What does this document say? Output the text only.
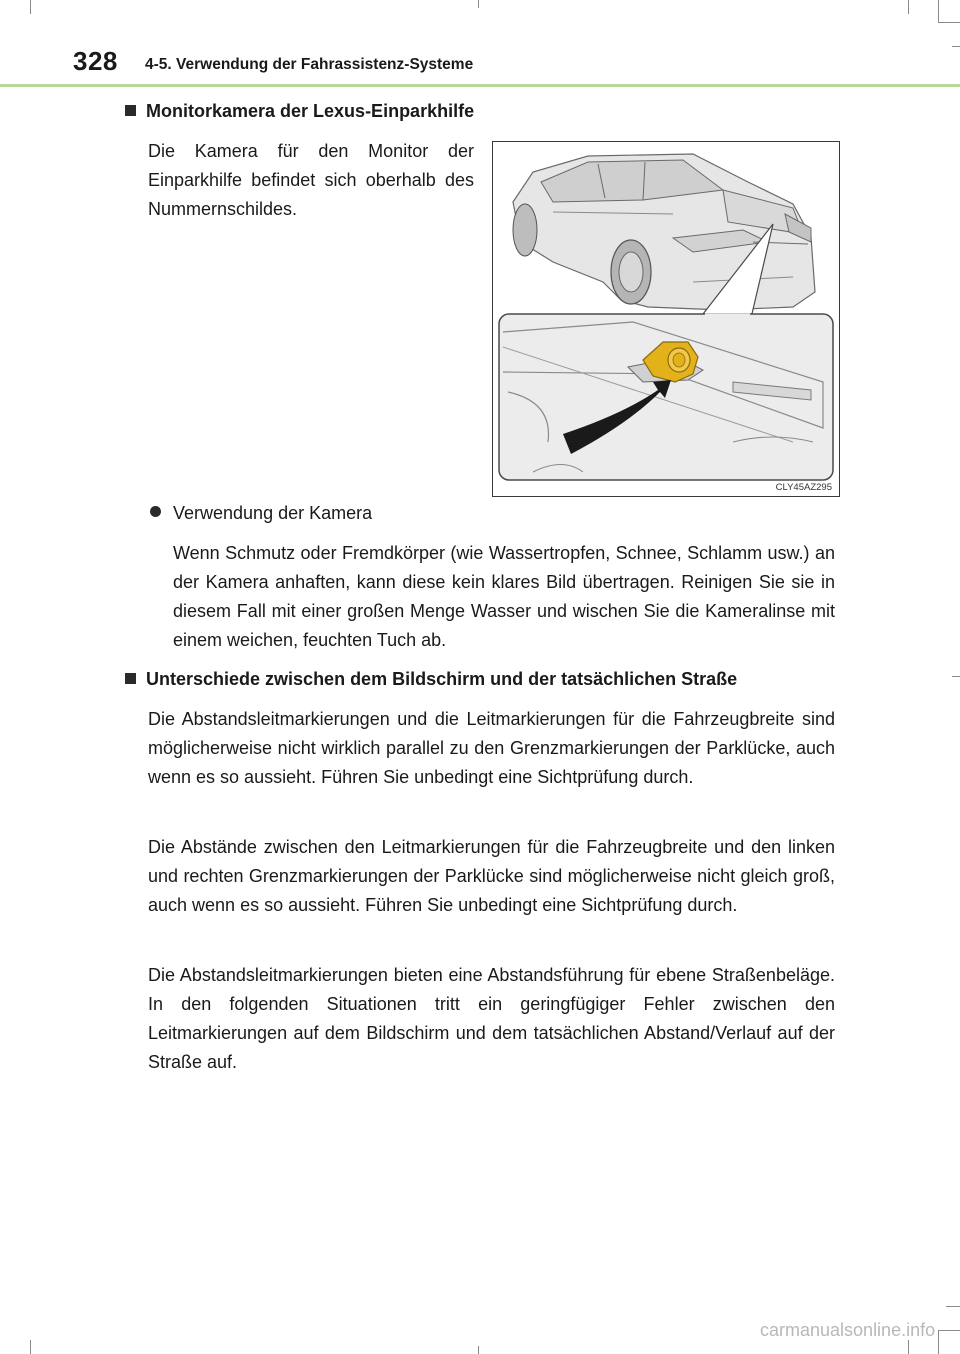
328 4-5. Verwendung der Fahrassistenz-Systeme
Monitorkamera der Lexus-Einparkhilfe
Die Kamera für den Monitor der Einparkhilfe befindet sich oberhalb des Nummernschildes.
CLY45AZ295
Verwendung der Kamera
Wenn Schmutz oder Fremdkörper (wie Wassertropfen, Schnee, Schlamm usw.) an der Kamera anhaften, kann diese kein klares Bild übertragen. Reinigen Sie sie in diesem Fall mit einer großen Menge Wasser und wischen Sie die Kameralinse mit einem weichen, feuchten Tuch ab.
Unterschiede zwischen dem Bildschirm und der tatsächlichen Straße
Die Abstandsleitmarkierungen und die Leitmarkierungen für die Fahrzeugbreite sind möglicherweise nicht wirklich parallel zu den Grenzmarkierungen der Parklücke, auch wenn es so aussieht. Führen Sie unbedingt eine Sichtprüfung durch.
Die Abstände zwischen den Leitmarkierungen für die Fahrzeugbreite und den linken und rechten Grenzmarkierungen der Parklücke sind möglicherweise nicht gleich groß, auch wenn es so aussieht. Führen Sie unbedingt eine Sichtprüfung durch.
Die Abstandsleitmarkierungen bieten eine Abstandsführung für ebene Straßenbeläge. In den folgenden Situationen tritt ein geringfügiger Fehler zwischen den Leitmarkierungen auf dem Bildschirm und dem tatsächlichen Abstand/Verlauf auf der Straße auf.
carmanualsonline.info
